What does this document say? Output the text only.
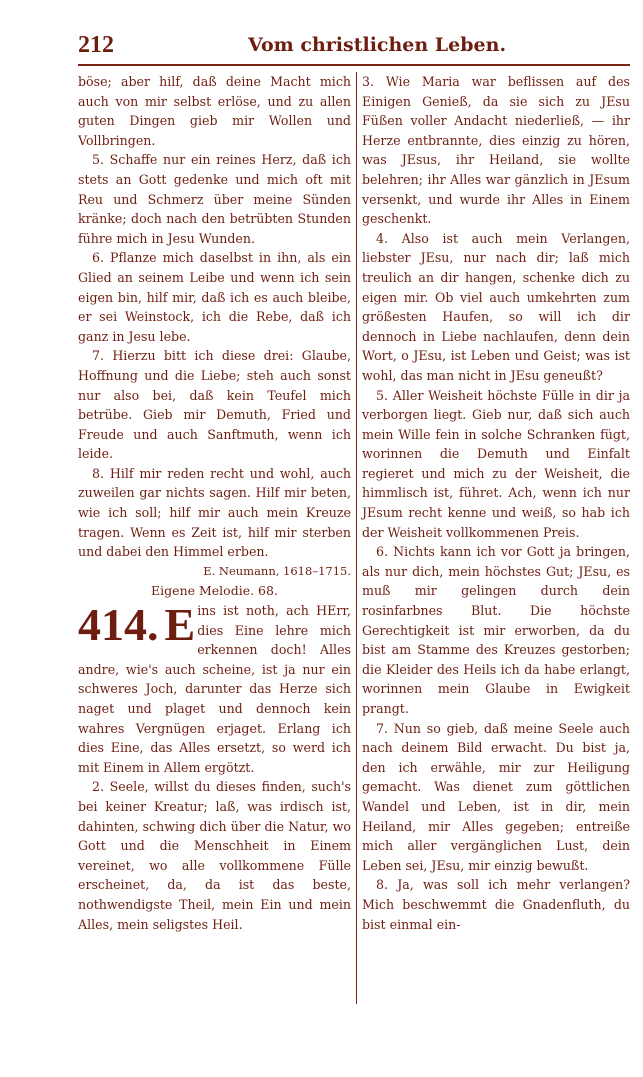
212	Vom christlichen Leben.

böse; aber hilf, daß deine Macht mich auch von mir selbst erlöse, und zu allen guten Dingen gieb mir Wollen und Vollbringen.

5. Schaffe nur ein reines Herz, daß ich stets an Gott gedenke und mich oft mit Reu und Schmerz über meine Sünden kränke; doch nach den betrübten Stunden führe mich in Jesu Wunden.

6. Pflanze mich daselbst in ihn, als ein Glied an seinem Leibe und wenn ich sein eigen bin, hilf mir, daß ich es auch bleibe, er sei Weinstock, ich die Rebe, daß ich ganz in Jesu lebe.

7. Hierzu bitt ich diese drei: Glaube, Hoffnung und die Liebe; steh auch sonst nur also bei, daß kein Teufel mich betrübe. Gieb mir Demuth, Fried und Freude und auch Sanftmuth, wenn ich leide.

8. Hilf mir reden recht und wohl, auch zuweilen gar nichts sagen. Hilf mir beten, wie ich soll; hilf mir auch mein Kreuze tragen. Wenn es Zeit ist, hilf mir sterben und dabei den Himmel erben.

E. Neumann, 1618–1715.

Eigene Melodie. 68.

414. E ins ist noth, ach HErr, dies Eine lehre mich erkennen doch! Alles andre, wie's auch scheine, ist ja nur ein schweres Joch, darunter das Herze sich naget und plaget und dennoch kein wahres Vergnügen erjaget. Erlang ich dies Eine, das Alles ersetzt, so werd ich mit Einem in Allem ergötzt.

2. Seele, willst du dieses finden, such's bei keiner Kreatur; laß, was irdisch ist, dahinten, schwing dich über die Natur, wo Gott und die Menschheit in Einem vereinet, wo alle vollkommene Fülle erscheinet, da, da ist das beste, nothwendigste Theil, mein Ein und mein Alles, mein seligstes Heil.

3. Wie Maria war beflissen auf des Einigen Genieß, da sie sich zu JEsu Füßen voller Andacht niederließ, — ihr Herze entbrannte, dies einzig zu hören, was JEsus, ihr Heiland, sie wollte belehren; ihr Alles war gänzlich in JEsum versenkt, und wurde ihr Alles in Einem geschenkt.

4. Also ist auch mein Verlangen, liebster JEsu, nur nach dir; laß mich treulich an dir hangen, schenke dich zu eigen mir. Ob viel auch umkehrten zum größesten Haufen, so will ich dir dennoch in Liebe nachlaufen, denn dein Wort, o JEsu, ist Leben und Geist; was ist wohl, das man nicht in JEsu geneußt?

5. Aller Weisheit höchste Fülle in dir ja verborgen liegt. Gieb nur, daß sich auch mein Wille fein in solche Schranken fügt, worinnen die Demuth und Einfalt regieret und mich zu der Weisheit, die himmlisch ist, führet. Ach, wenn ich nur JEsum recht kenne und weiß, so hab ich der Weisheit vollkommenen Preis.

6. Nichts kann ich vor Gott ja bringen, als nur dich, mein höchstes Gut; JEsu, es muß mir gelingen durch dein rosinfarbnes Blut. Die höchste Gerechtigkeit ist mir erworben, da du bist am Stamme des Kreuzes gestorben; die Kleider des Heils ich da habe erlangt, worinnen mein Glaube in Ewigkeit prangt.

7. Nun so gieb, daß meine Seele auch nach deinem Bild erwacht. Du bist ja, den ich erwähle, mir zur Heiligung gemacht. Was dienet zum göttlichen Wandel und Leben, ist in dir, mein Heiland, mir Alles gegeben; entreiße mich aller vergänglichen Lust, dein Leben sei, JEsu, mir einzig bewußt.

8. Ja, was soll ich mehr verlangen? Mich beschwemmt die Gnadenfluth, du bist einmal ein-
